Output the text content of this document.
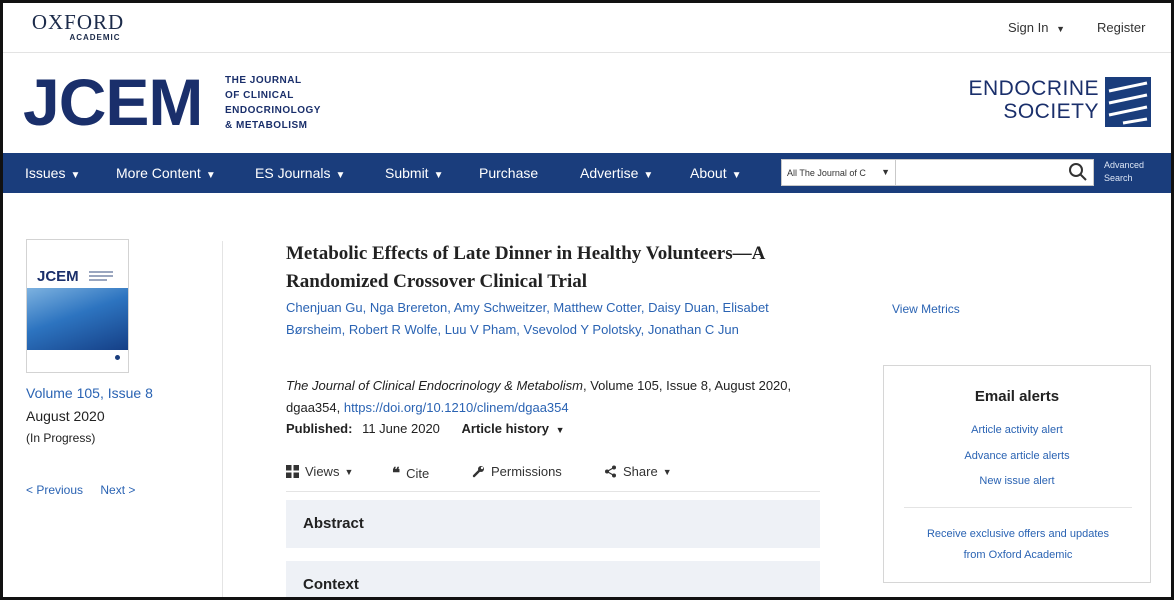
OXFORD
ACADEMIC
Sign In ▼ Register
JCEM THE JOURNAL
OF CLINICAL
ENDOCRINOLOGY
& METABOLISM
ENDOCRINE
SOCIETY
Issues ▼	More Content ▼	ES Journals ▼	Submit ▼	Purchase	Advertise ▼	About ▼	All The Journal of C ▼
Advanced
Search
JCEM
Volume 105, Issue 8
August 2020
(In Progress)
< Previous Next >
Metabolic Effects of Late Dinner in Healthy Volunteers—A Randomized Crossover Clinical Trial
Chenjuan Gu, Nga Brereton, Amy Schweitzer, Matthew Cotter, Daisy Duan, Elisabet Børsheim, Robert R Wolfe, Luu V Pham, Vsevolod Y Polotsky, Jonathan C Jun
The Journal of Clinical Endocrinology & Metabolism, Volume 105, Issue 8, August 2020, dgaa354, https://doi.org/10.1210/clinem/dgaa354
Published: 11 June 2020 Article history ▼
Views ▼	❝ Cite	Permissions	Share ▼
Abstract
Context
View Metrics
Email alerts
Article activity alert
Advance article alerts
New issue alert
Receive exclusive offers and updates
from Oxford Academic
